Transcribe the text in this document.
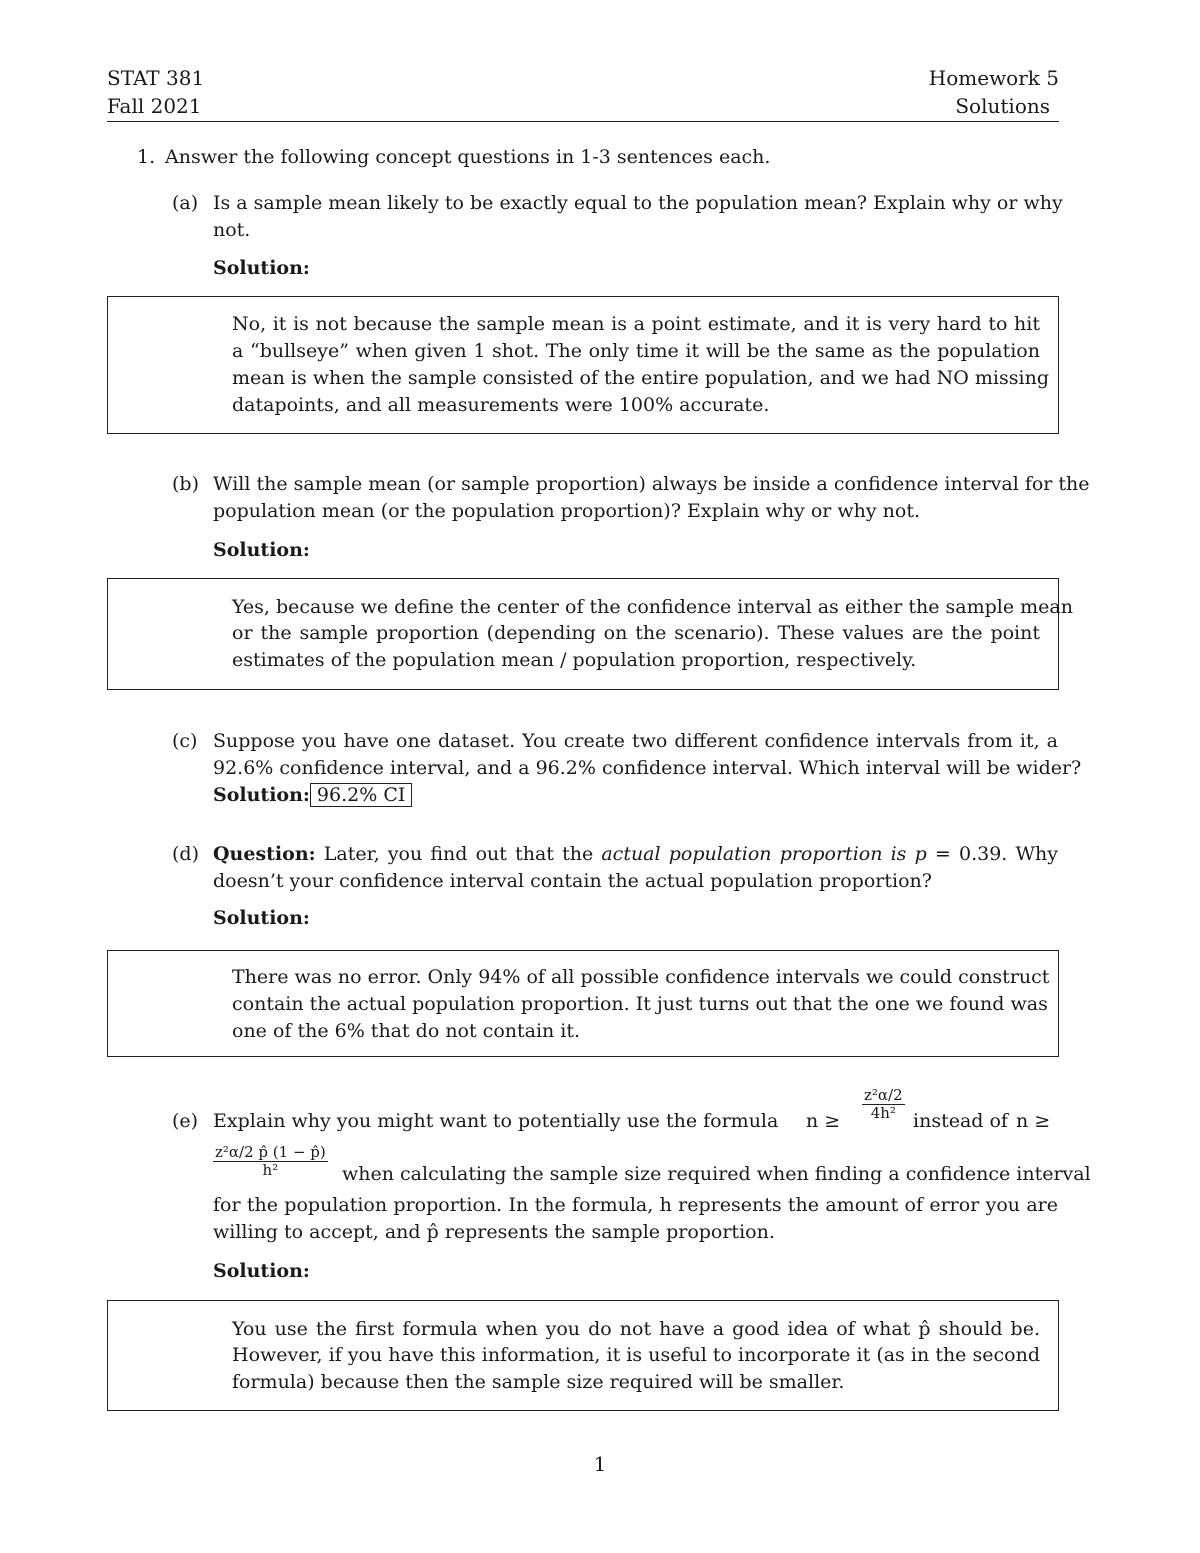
STAT 381
Fall 2021
Homework 5
Solutions
1. Answer the following concept questions in 1-3 sentences each.
(a) Is a sample mean likely to be exactly equal to the population mean? Explain why or why
not.
Solution:
No, it is not because the sample mean is a point estimate, and it is very hard to hit
a “bullseye” when given 1 shot. The only time it will be the same as the population
mean is when the sample consisted of the entire population, and we had NO missing
datapoints, and all measurements were 100% accurate.
(b) Will the sample mean (or sample proportion) always be inside a confidence interval for the
population mean (or the population proportion)? Explain why or why not.
Solution:
Yes, because we define the center of the confidence interval as either the sample mean
or the sample proportion (depending on the scenario). These values are the point
estimates of the population mean / population proportion, respectively.
(c) Suppose you have one dataset. You create two different confidence intervals from it, a
92.6% confidence interval, and a 96.2% confidence interval. Which interval will be wider?
Solution: 96.2% CI
(d) Question: Later, you find out that the actual population proportion is p = 0.39. Why
doesn’t your confidence interval contain the actual population proportion?
Solution:
There was no error. Only 94% of all possible confidence intervals we could construct
contain the actual population proportion. It just turns out that the one we found was
one of the 6% that do not contain it.
(e) Explain why you might want to potentially use the formula $n \ge \frac{\text{z²α/2}}{\text{4h²}}$ instead of n ≥
$\frac{\text{z²α/2 p̂ (1 − p̂)}}{\text{h²}}$ when calculating the sample size required when finding a confidence interval
for the population proportion. In the formula, h represents the amount of error you are
willing to accept, and p̂ represents the sample proportion.
Solution:
You use the first formula when you do not have a good idea of what p̂ should be.
However, if you have this information, it is useful to incorporate it (as in the second
formula) because then the sample size required will be smaller.
1
